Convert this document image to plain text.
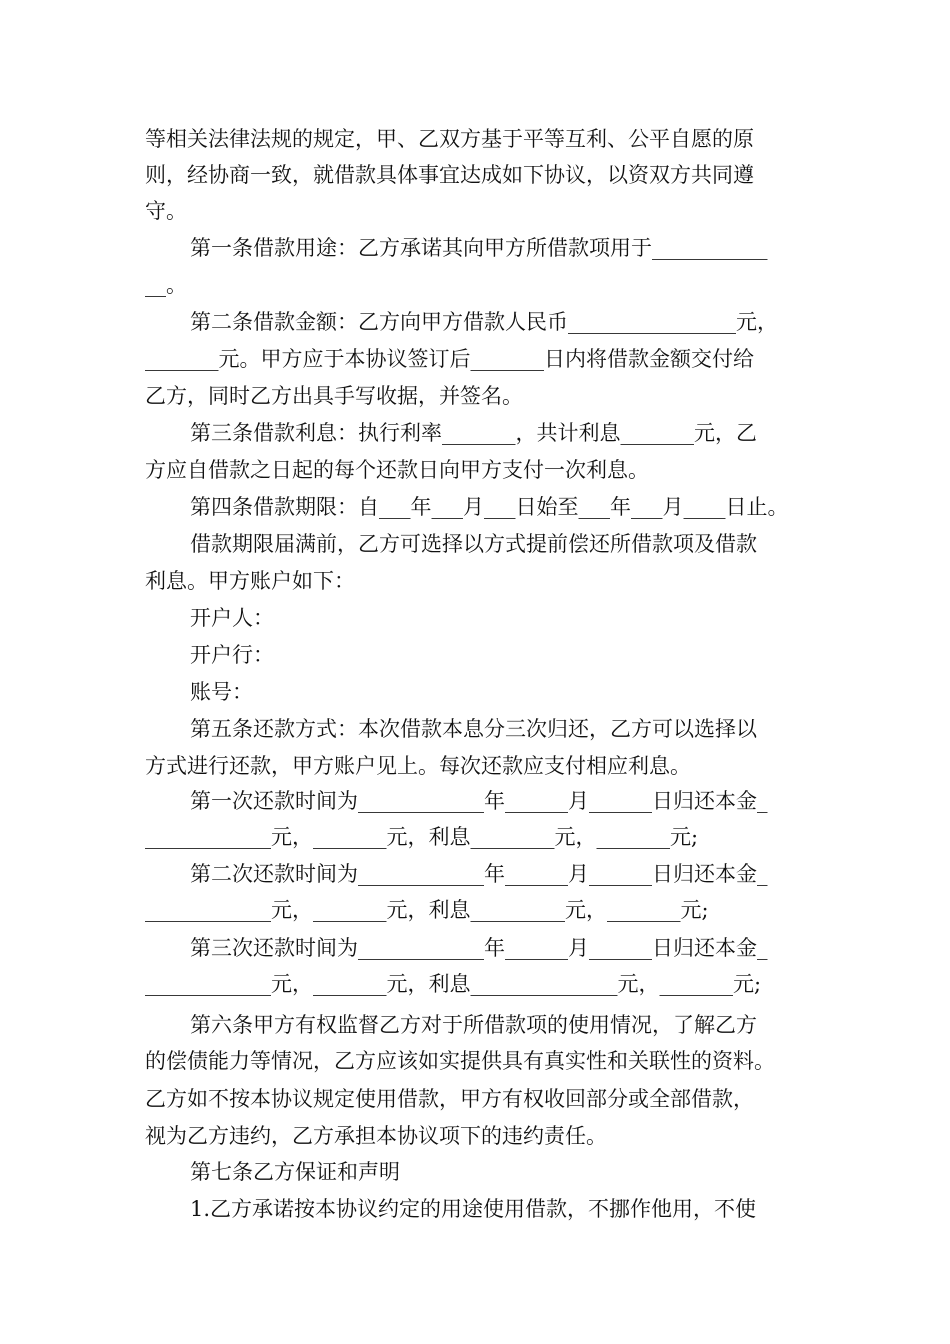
等相关法律法规的规定，甲、乙双方基于平等互利、公平自愿的原
则，经协商一致，就借款具体事宜达成如下协议，以资双方共同遵
守。
第一条借款用途：乙方承诺其向甲方所借款项用于___________
__。
第二条借款金额：乙方向甲方借款人民币________________元，
_______元。甲方应于本协议签订后_______日内将借款金额交付给
乙方，同时乙方出具手写收据，并签名。
第三条借款利息：执行利率_______，共计利息_______元，乙
方应自借款之日起的每个还款日向甲方支付一次利息。
第四条借款期限：自___年___月___日始至___年___月____日止。
借款期限届满前，乙方可选择以方式提前偿还所借款项及借款
利息。甲方账户如下：
开户人：
开户行：
账号：
第五条还款方式：本次借款本息分三次归还，乙方可以选择以
方式进行还款，甲方账户见上。每次还款应支付相应利息。
第一次还款时间为____________年______月______日归还本金_
____________元，_______元，利息________元，_______元;
第二次还款时间为____________年______月______日归还本金_
____________元，_______元，利息_________元，_______元;
第三次还款时间为____________年______月______日归还本金_
____________元，_______元，利息______________元，_______元;
第六条甲方有权监督乙方对于所借款项的使用情况，了解乙方
的偿债能力等情况，乙方应该如实提供具有真实性和关联性的资料。
乙方如不按本协议规定使用借款，甲方有权收回部分或全部借款，
视为乙方违约，乙方承担本协议项下的违约责任。
第七条乙方保证和声明
1.乙方承诺按本协议约定的用途使用借款，不挪作他用，不使
